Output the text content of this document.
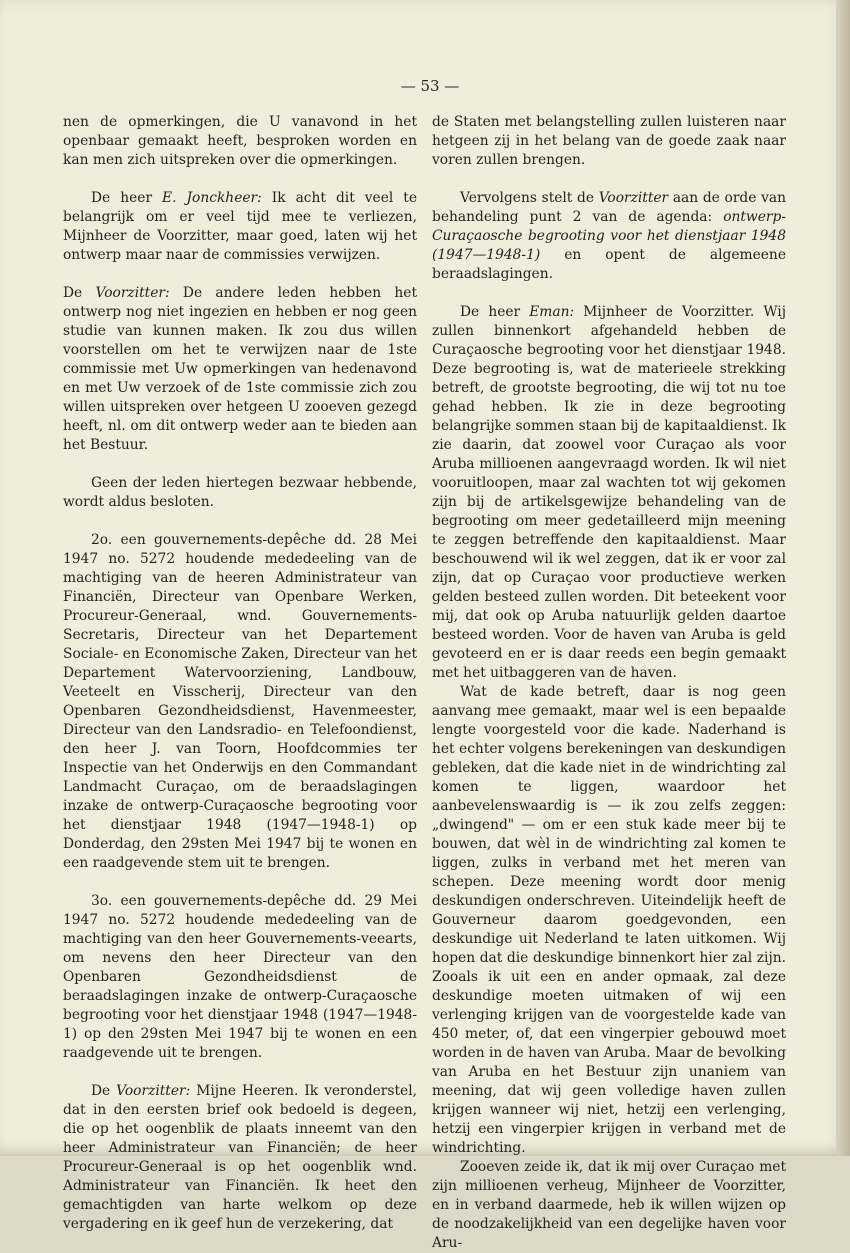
— 53 —

nen de opmerkingen, die U vanavond in het openbaar gemaakt heeft, besproken worden en kan men zich uitspreken over die opmerkingen.

De heer E. Jonckheer: Ik acht dit veel te belangrijk om er veel tijd mee te verliezen, Mijnheer de Voorzitter, maar goed, laten wij het ontwerp maar naar de commissies verwijzen.

De Voorzitter: De andere leden hebben het ontwerp nog niet ingezien en hebben er nog geen studie van kunnen maken. Ik zou dus willen voorstellen om het te verwijzen naar de 1ste commissie met Uw opmerkingen van hedenavond en met Uw verzoek of de 1ste commissie zich zou willen uitspreken over hetgeen U zooeven gezegd heeft, nl. om dit ontwerp weder aan te bieden aan het Bestuur.

Geen der leden hiertegen bezwaar hebbende, wordt aldus besloten.

2o. een gouvernements-depêche dd. 28 Mei 1947 no. 5272 houdende mededeeling van de machtiging van de heeren Administrateur van Financiën, Directeur van Openbare Werken, Procureur-Generaal, wnd. Gouvernements-Secretaris, Directeur van het Departement Sociale- en Economische Zaken, Directeur van het Departement Watervoorziening, Landbouw, Veeteelt en Visscherij, Directeur van den Openbaren Gezondheidsdienst, Havenmeester, Directeur van den Landsradio- en Telefoondienst, den heer J. van Toorn, Hoofdcommies ter Inspectie van het Onderwijs en den Commandant Landmacht Curaçao, om de beraadslagingen inzake de ontwerp-Curaçaosche begrooting voor het dienstjaar 1948 (1947—1948-1) op Donderdag, den 29sten Mei 1947 bij te wonen en een raadgevende stem uit te brengen.

3o. een gouvernements-depêche dd. 29 Mei 1947 no. 5272 houdende mededeeling van de machtiging van den heer Gouvernements-veearts, om nevens den heer Directeur van den Openbaren Gezondheidsdienst de beraadslagingen inzake de ontwerp-Curaçaosche begrooting voor het dienstjaar 1948 (1947—1948-1) op den 29sten Mei 1947 bij te wonen en een raadgevende uit te brengen.

De Voorzitter: Mijne Heeren. Ik veronderstel, dat in den eersten brief ook bedoeld is degeen, die op het oogenblik de plaats inneemt van den heer Administrateur van Financiën; de heer Procureur-Generaal is op het oogenblik wnd. Administrateur van Financiën. Ik heet den gemachtigden van harte welkom op deze vergadering en ik geef hun de verzekering, dat

de Staten met belangstelling zullen luisteren naar hetgeen zij in het belang van de goede zaak naar voren zullen brengen.

Vervolgens stelt de Voorzitter aan de orde van behandeling punt 2 van de agenda: ontwerp-Curaçaosche begrooting voor het dienstjaar 1948 (1947—1948-1) en opent de algemeene beraadslagingen.

De heer Eman: Mijnheer de Voorzitter. Wij zullen binnenkort afgehandeld hebben de Curaçaosche begrooting voor het dienstjaar 1948. Deze begrooting is, wat de materieele strekking betreft, de grootste begrooting, die wij tot nu toe gehad hebben. Ik zie in deze begrooting belangrijke sommen staan bij de kapitaaldienst. Ik zie daarin, dat zoowel voor Curaçao als voor Aruba millioenen aangevraagd worden. Ik wil niet vooruitloopen, maar zal wachten tot wij gekomen zijn bij de artikelsgewijze behandeling van de begrooting om meer gedetailleerd mijn meening te zeggen betreffende den kapitaaldienst. Maar beschouwend wil ik wel zeggen, dat ik er voor zal zijn, dat op Curaçao voor productieve werken gelden besteed zullen worden. Dit beteekent voor mij, dat ook op Aruba natuurlijk gelden daartoe besteed worden. Voor de haven van Aruba is geld gevoteerd en er is daar reeds een begin gemaakt met het uitbaggeren van de haven.

Wat de kade betreft, daar is nog geen aanvang mee gemaakt, maar wel is een bepaalde lengte voorgesteld voor die kade. Naderhand is het echter volgens berekeningen van deskundigen gebleken, dat die kade niet in de windrichting zal komen te liggen, waardoor het aanbevelenswaardig is — ik zou zelfs zeggen: „dwingend" — om er een stuk kade meer bij te bouwen, dat wèl in de windrichting zal komen te liggen, zulks in verband met het meren van schepen. Deze meening wordt door menig deskundigen onderschreven. Uiteindelijk heeft de Gouverneur daarom goedgevonden, een deskundige uit Nederland te laten uitkomen. Wij hopen dat die deskundige binnenkort hier zal zijn. Zooals ik uit een en ander opmaak, zal deze deskundige moeten uitmaken of wij een verlenging krijgen van de voorgestelde kade van 450 meter, of, dat een vingerpier gebouwd moet worden in de haven van Aruba. Maar de bevolking van Aruba en het Bestuur zijn unaniem van meening, dat wij geen volledige haven zullen krijgen wanneer wij niet, hetzij een verlenging, hetzij een vingerpier krijgen in verband met de windrichting.

Zooeven zeide ik, dat ik mij over Curaçao met zijn millioenen verheug, Mijnheer de Voorzitter, en in verband daarmede, heb ik willen wijzen op de noodzakelijkheid van een degelijke haven voor Aru-
